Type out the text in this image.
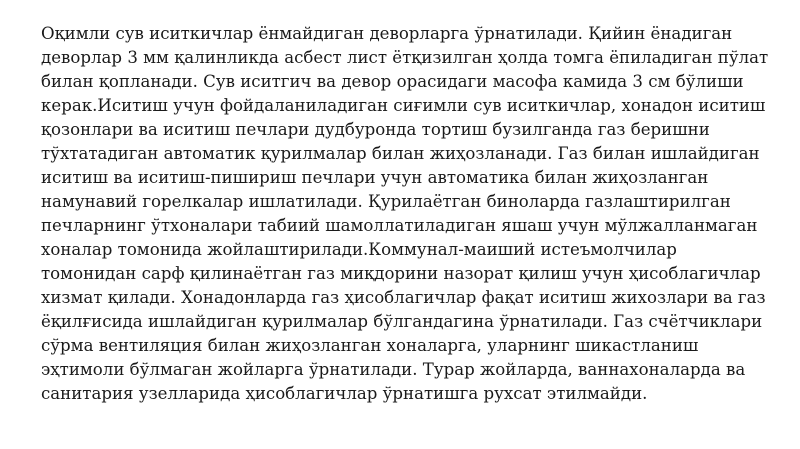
Оқимли сув иситкичлар ёнмайдиган деворларга ўрнатилади. Қийин ёнадиган
деворлар 3 мм қалинликда асбест лист ётқизилган ҳолда томга ёпиладиган пўлат
билан қопланади. Сув иситгич ва девор орасидаги масофа камида 3 см бўлиши
керак.Иситиш учун фойдаланиладиган сиғимли сув иситкичлар, хонадон иситиш
қозонлари ва иситиш печлари дудбуронда тортиш бузилганда газ беришни
тўхтатадиган автоматик қурилмалар билан жиҳозланади. Газ билан ишлайдиган
иситиш ва иситиш-пишириш печлари учун автоматика билан жиҳозланган
намунавий горелкалар ишлатилади. Қурилаётган биноларда газлаштирилган
печларнинг ўтхоналари табиий шамоллатиладиган яшаш учун мўлжалланмаган
хоналар томонида жойлаштирилади.Коммунал-маиший истеъмолчилар
томонидан сарф қилинаётган газ миқдорини назорат қилиш учун ҳисоблагичлар
хизмат қилади. Хонадонларда газ ҳисоблагичлар фақат иситиш жихозлари ва газ
ёқилғисида ишлайдиган қурилмалар бўлгандагина ўрнатилади. Газ счётчиклари
сўрма вентиляция билан жиҳозланган хоналарга, уларнинг шикастланиш
эҳтимоли бўлмаган жойларга ўрнатилади. Турар жойларда, ваннахоналарда ва
санитария узелларида ҳисоблагичлар ўрнатишга рухсат этилмайди.
